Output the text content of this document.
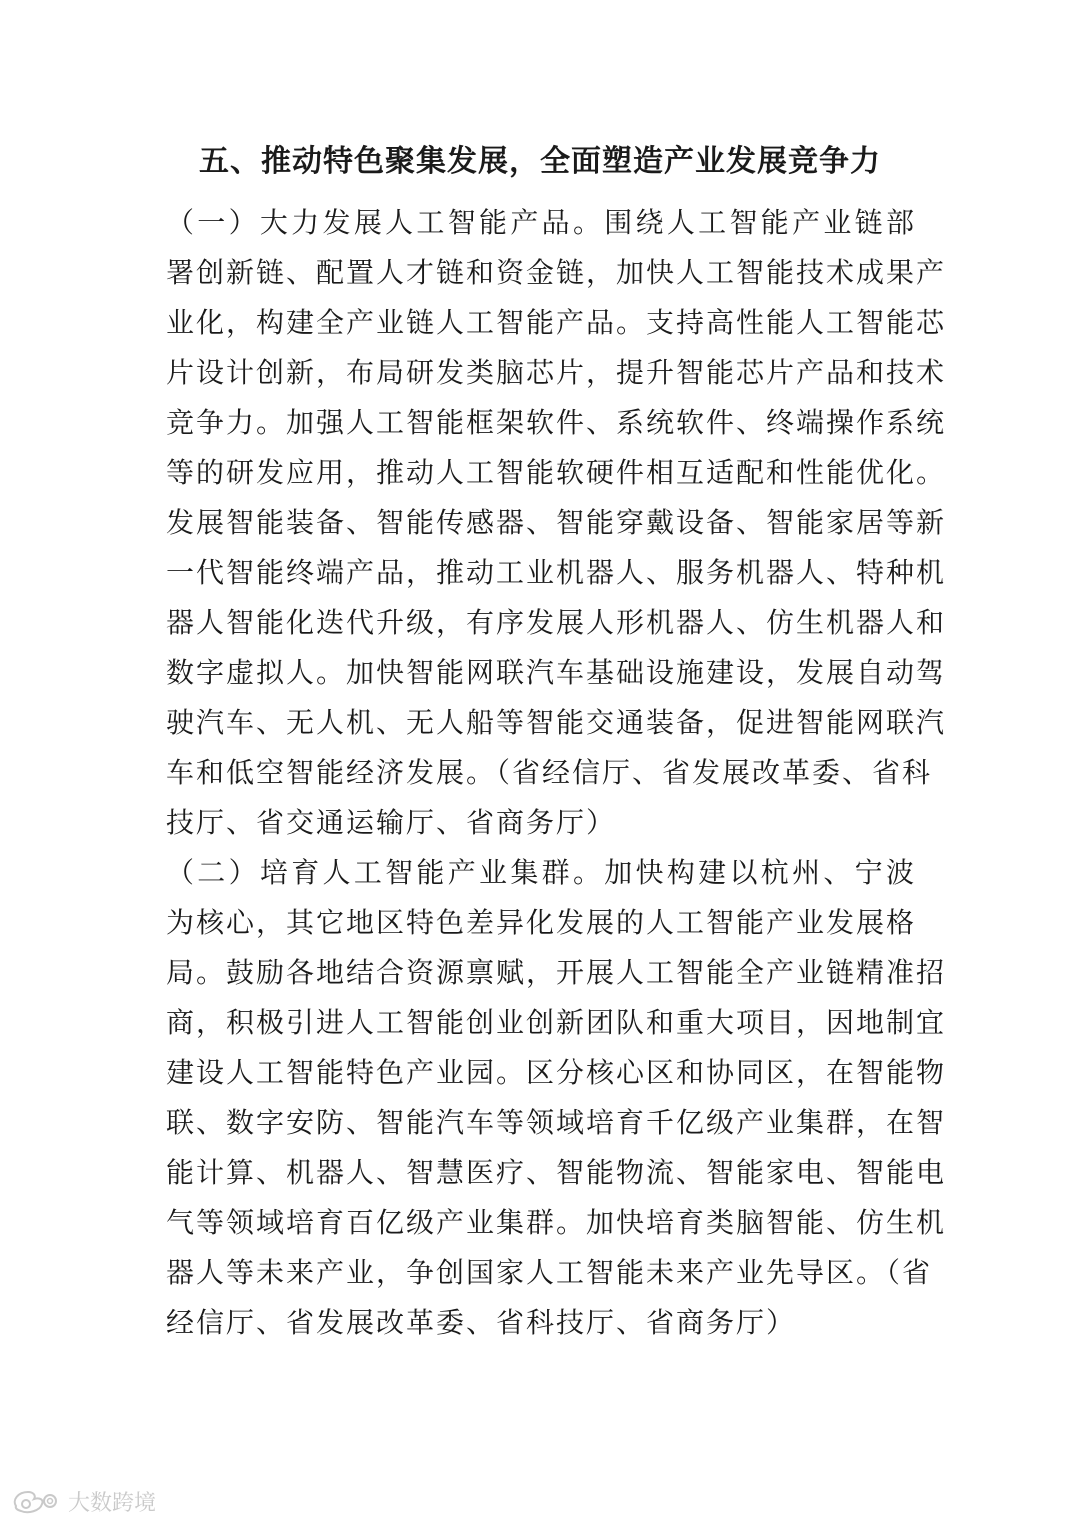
五、推动特色聚集发展，全面塑造产业发展竞争力
（一）大力发展人工智能产品。围绕人工智能产业链部
署创新链、配置人才链和资金链，加快人工智能技术成果产
业化，构建全产业链人工智能产品。支持高性能人工智能芯
片设计创新，布局研发类脑芯片，提升智能芯片产品和技术
竞争力。加强人工智能框架软件、系统软件、终端操作系统
等的研发应用，推动人工智能软硬件相互适配和性能优化。
发展智能装备、智能传感器、智能穿戴设备、智能家居等新
一代智能终端产品，推动工业机器人、服务机器人、特种机
器人智能化迭代升级，有序发展人形机器人、仿生机器人和
数字虚拟人。加快智能网联汽车基础设施建设，发展自动驾
驶汽车、无人机、无人船等智能交通装备，促进智能网联汽
车和低空智能经济发展。（省经信厅、省发展改革委、省科
技厅、省交通运输厅、省商务厅）
（二）培育人工智能产业集群。加快构建以杭州、宁波
为核心，其它地区特色差异化发展的人工智能产业发展格
局。鼓励各地结合资源禀赋，开展人工智能全产业链精准招
商，积极引进人工智能创业创新团队和重大项目，因地制宜
建设人工智能特色产业园。区分核心区和协同区，在智能物
联、数字安防、智能汽车等领域培育千亿级产业集群，在智
能计算、机器人、智慧医疗、智能物流、智能家电、智能电
气等领域培育百亿级产业集群。加快培育类脑智能、仿生机
器人等未来产业，争创国家人工智能未来产业先导区。（省
经信厅、省发展改革委、省科技厅、省商务厅）
大数跨境
